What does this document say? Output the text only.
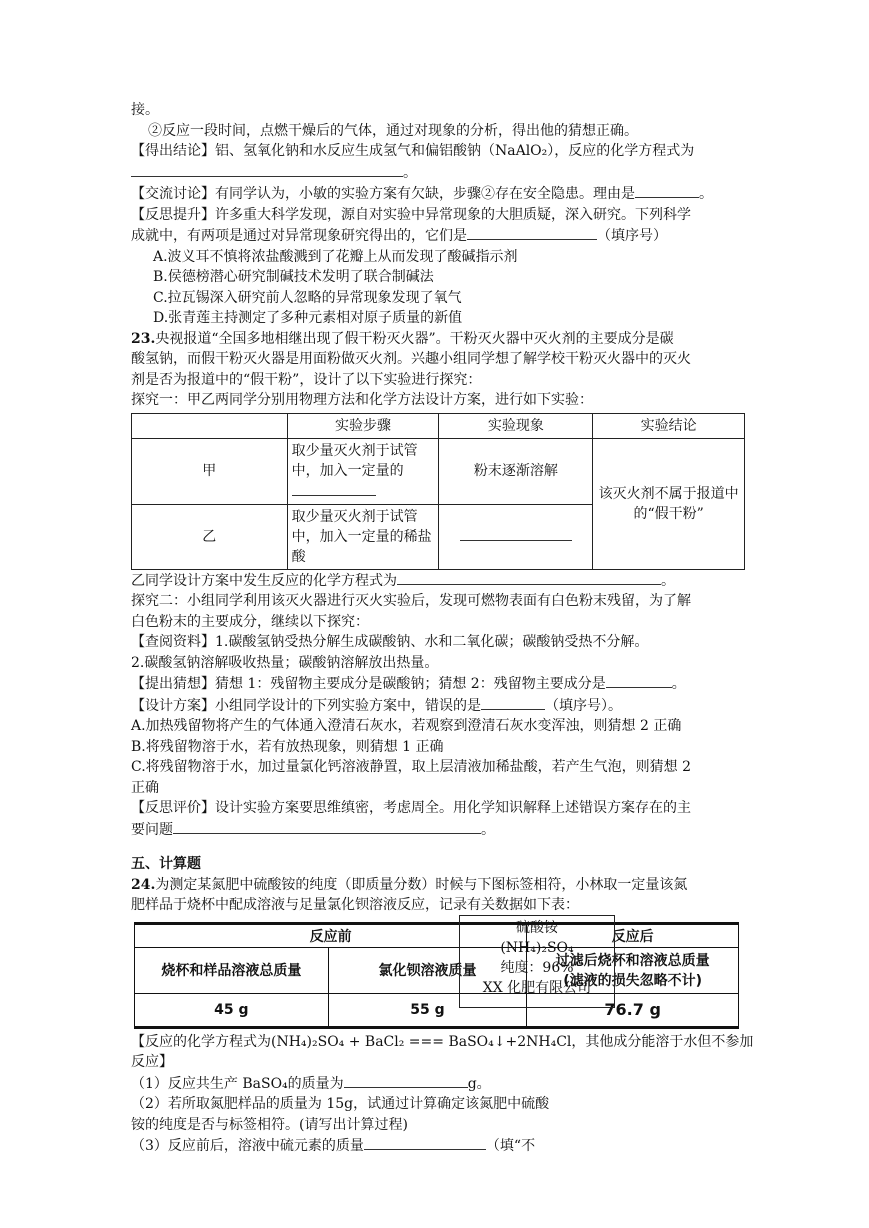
接。
②反应一段时间，点燃干燥后的气体，通过对现象的分析，得出他的猜想正确。
【得出结论】铝、氢氧化钠和水反应生成氢气和偏铝酸钠（NaAlO₂），反应的化学方程式为
。
【交流讨论】有同学认为，小敏的实验方案有欠缺，步骤②存在安全隐患。理由是	。
【反思提升】许多重大科学发现，源自对实验中异常现象的大胆质疑，深入研究。下列科学
成就中，有两项是通过对异常现象研究得出的，它们是	（填序号）
A.波义耳不慎将浓盐酸溅到了花瓣上从而发现了酸碱指示剂
B.侯德榜潜心研究制碱技术发明了联合制碱法
C.拉瓦锡深入研究前人忽略的异常现象发现了氧气
D.张青莲主持测定了多种元素相对原子质量的新值
23.央视报道“全国多地相继出现了假干粉灭火器”。干粉灭火器中灭火剂的主要成分是碳
酸氢钠，而假干粉灭火器是用面粉做灭火剂。兴趣小组同学想了解学校干粉灭火器中的灭火
剂是否为报道中的“假干粉”，设计了以下实验进行探究：
探究一：甲乙两同学分别用物理方法和化学方法设计方案，进行如下实验：
	实验步骤	实验现象	实验结论
甲	取少量灭火剂于试管中，加入一定量的	粉末逐渐溶解	该灭火剂不属于报道中的“假干粉”
乙	取少量灭火剂于试管中，加入一定量的稀盐酸		
乙同学设计方案中发生反应的化学方程式为	。
探究二：小组同学利用该灭火器进行灭火实验后，发现可燃物表面有白色粉末残留，为了解
白色粉末的主要成分，继续以下探究：
【查阅资料】1.碳酸氢钠受热分解生成碳酸钠、水和二氧化碳；碳酸钠受热不分解。
2.碳酸氢钠溶解吸收热量；碳酸钠溶解放出热量。
【提出猜想】猜想 1：残留物主要成分是碳酸钠；猜想 2：残留物主要成分是	。
【设计方案】小组同学设计的下列实验方案中，错误的是	（填序号）。
A.加热残留物将产生的气体通入澄清石灰水，若观察到澄清石灰水变浑浊，则猜想 2 正确
B.将残留物溶于水，若有放热现象，则猜想 1 正确
C.将残留物溶于水，加过量氯化钙溶液静置，取上层清液加稀盐酸，若产生气泡，则猜想 2
正确
【反思评价】设计实验方案要思维缜密，考虑周全。用化学知识解释上述错误方案存在的主
要问题	。
五、计算题
24.为测定某氮肥中硫酸铵的纯度（即质量分数）时候与下图标签相符，小林取一定量该氮
肥样品于烧杯中配成溶液与足量氯化钡溶液反应，记录有关数据如下表：
反应前		反应后
烧杯和样品溶液总质量	氯化钡溶液质量	过滤后烧杯和溶液总质量
(滤液的损失忽略不计)
45 g	55 g	76.7 g
【反应的化学方程式为(NH₄)₂SO₄ + BaCl₂ === BaSO₄↓+2NH₄Cl，其他成分能溶于水但不参加
反应】
（1）反应共生产 BaSO₄的质量为	g。
（2）若所取氮肥样品的质量为 15g，试通过计算确定该氮肥中硫酸
铵的纯度是否与标签相符。(请写出计算过程)
（3）反应前后，溶液中硫元素的质量	（填“不
硫酸铵
(NH₄)₂SO₄
纯度：96%
XX 化肥有限公司
